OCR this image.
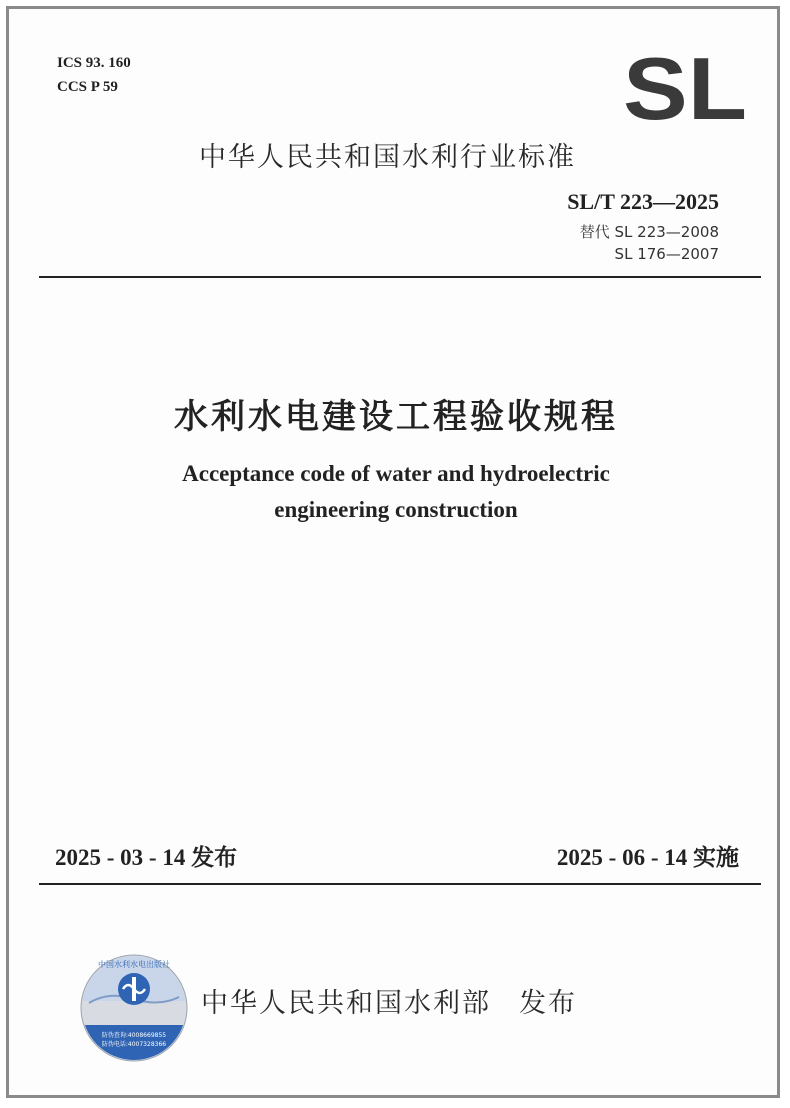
ICS 93. 160
CCS P 59	SL
中华人民共和国水利行业标准
SL/T 223—2025
替代 SL 223—2008
SL 176—2007
水利水电建设工程验收规程
Acceptance code of water and hydroelectric
engineering construction
2025 - 03 - 14 发布	2025 - 06 - 14 实施
中国水利水电出版社
防伪查询:4008669855
防伪电话:4007328366
中华人民共和国水利部 发布
